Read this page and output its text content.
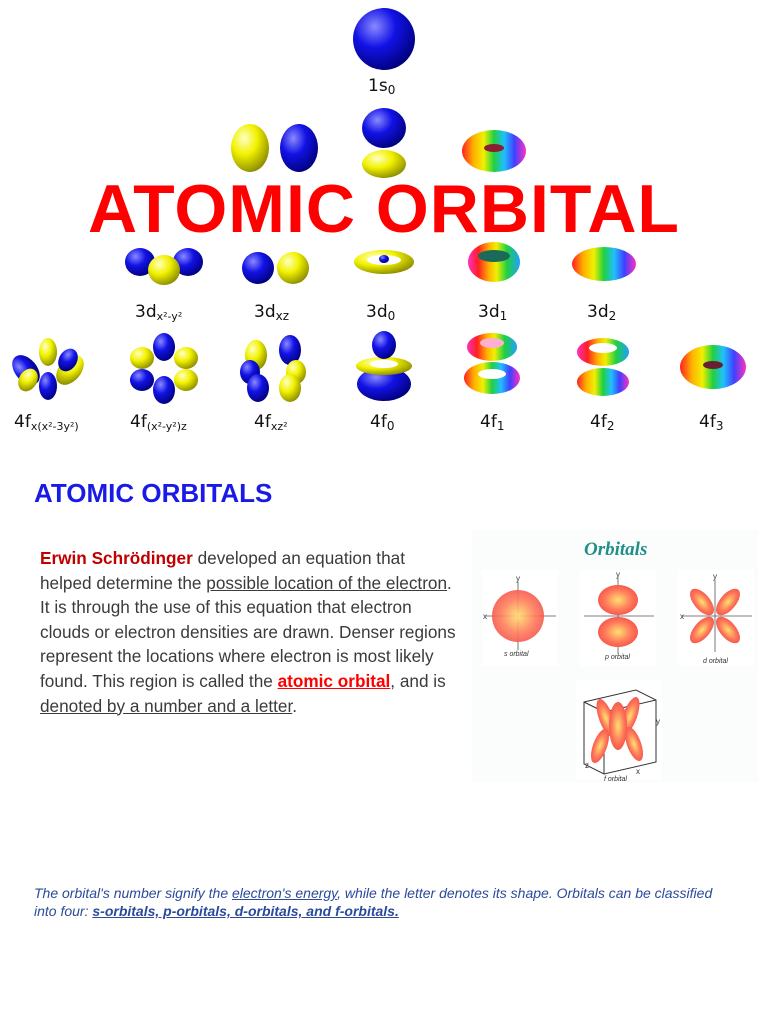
$1s_0$
$3d_{x^2-y^2}$	$3d_{xz}$	$3d_0$	$3d_1$	$3d_2$
$4f_{x(x^2-3y^2)}$	$4f_{(x^2-y^2)z}$	$4f_{xz^2}$	$4f_0$	$4f_1$	$4f_2$	$4f_3$
ATOMIC ORBITAL
ATOMIC ORBITALS
Erwin Schrödinger developed an equation that helped determine the possible location of the electron. It is through the use of this equation that electron clouds or electron densities are drawn. Denser regions represent the locations where electron is most likely found. This region is called the atomic orbital, and is denoted by a number and a letter.
Orbitals
x
y
s orbital
y
p orbital
x
y
d orbital
y
z
x
f orbital
The orbital's number signify the electron's energy, while the letter denotes its shape. Orbitals can be classified into four: s-orbitals, p-orbitals, d-orbitals, and f-orbitals.
